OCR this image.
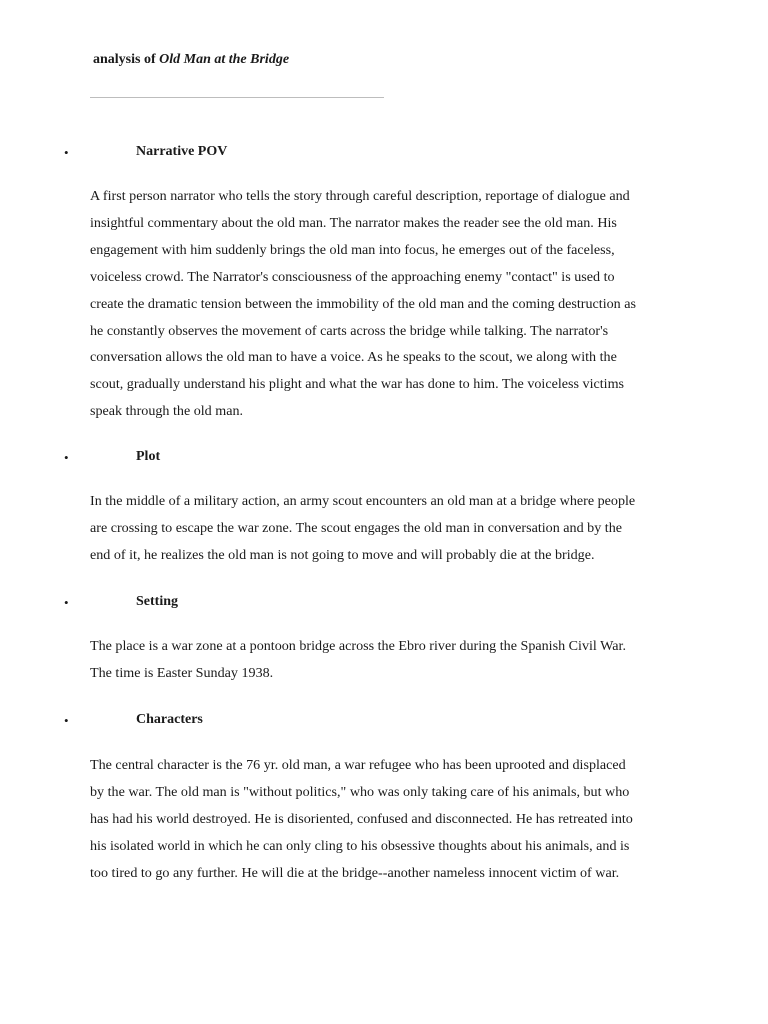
analysis of Old Man at the Bridge
•	Narrative POV
A first person narrator who tells the story through careful description, reportage of dialogue and
insightful commentary about the old man. The narrator makes the reader see the old man. His
engagement with him suddenly brings the old man into focus, he emerges out of the faceless,
voiceless crowd. The Narrator's consciousness of the approaching enemy "contact" is used to
create the dramatic tension between the immobility of the old man and the coming destruction as
he constantly observes the movement of carts across the bridge while talking. The narrator's
conversation allows the old man to have a voice. As he speaks to the scout, we along with the
scout, gradually understand his plight and what the war has done to him. The voiceless victims
speak through the old man.
•	Plot
In the middle of a military action, an army scout encounters an old man at a bridge where people
are crossing to escape the war zone. The scout engages the old man in conversation and by the
end of it, he realizes the old man is not going to move and will probably die at the bridge.
•	Setting
The place is a war zone at a pontoon bridge across the Ebro river during the Spanish Civil War.
The time is Easter Sunday 1938.
•	Characters
The central character is the 76 yr. old man, a war refugee who has been uprooted and displaced
by the war. The old man is "without politics," who was only taking care of his animals, but who
has had his world destroyed. He is disoriented, confused and disconnected. He has retreated into
his isolated world in which he can only cling to his obsessive thoughts about his animals, and is
too tired to go any further. He will die at the bridge--another nameless innocent victim of war.
